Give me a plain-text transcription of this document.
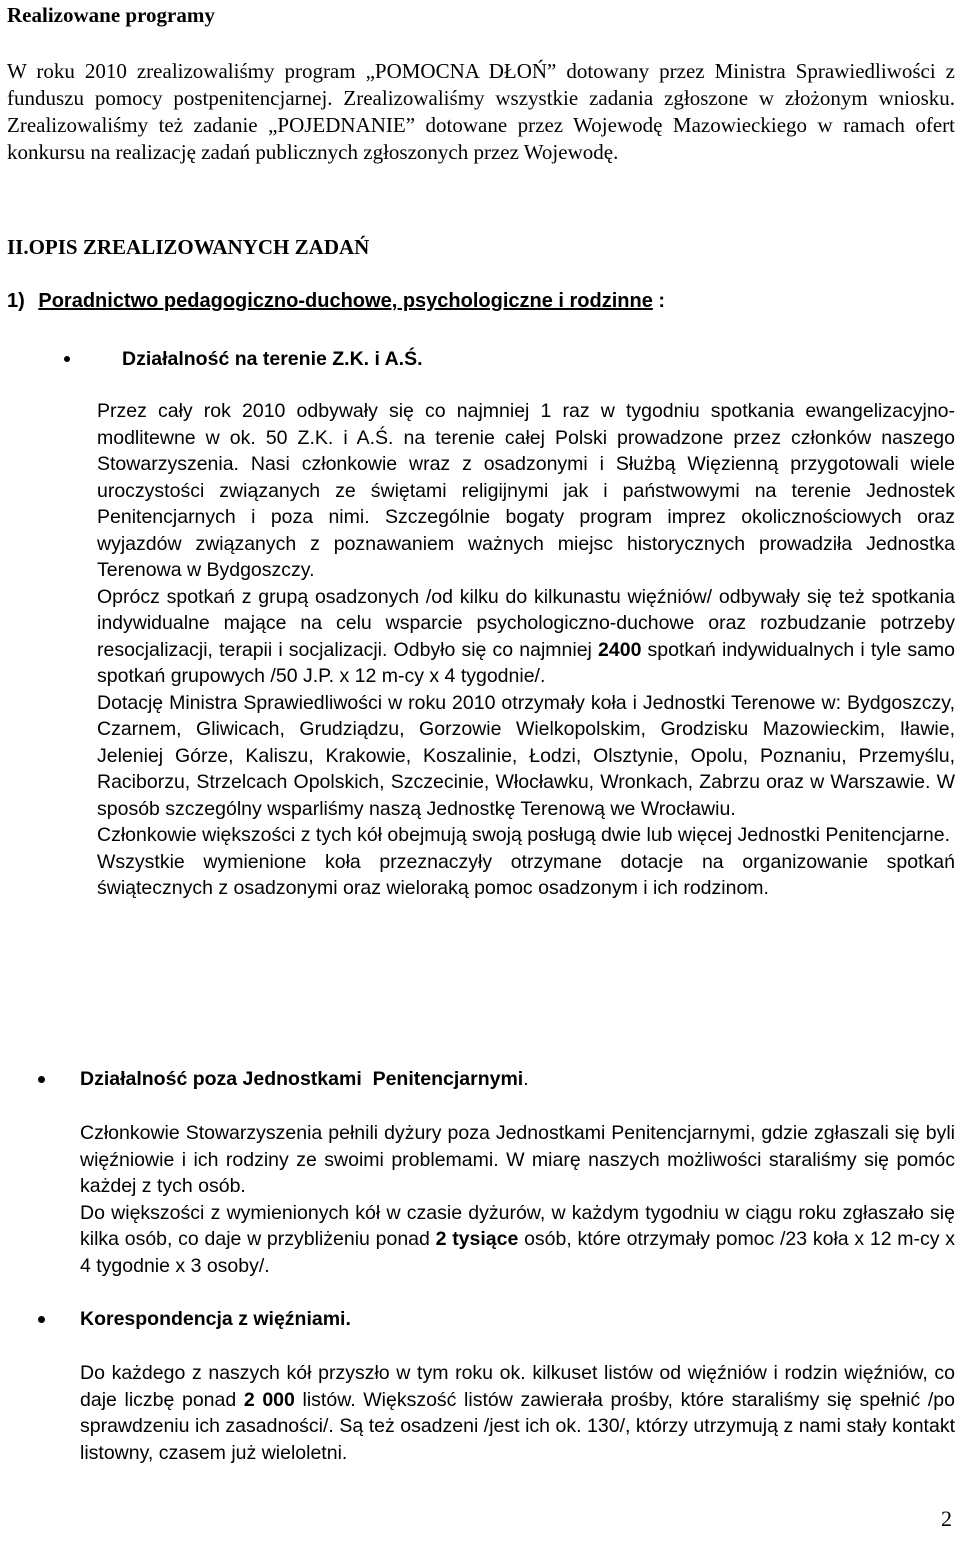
Realizowane programy

W roku 2010 zrealizowaliśmy program „POMOCNA DŁOŃ” dotowany przez Ministra Sprawiedliwości z funduszu pomocy postpenitencjarnej. Zrealizowaliśmy wszystkie zadania zgłoszone w złożonym wniosku. Zrealizowaliśmy też zadanie „POJEDNANIE” dotowane przez Wojewodę Mazowieckiego w ramach ofert konkursu na realizację zadań publicznych zgłoszonych przez Wojewodę.

II.OPIS ZREALIZOWANYCH ZADAŃ
1) Poradnictwo pedagogiczno-duchowe, psychologiczne i rodzinne :
Działalność na terenie Z.K. i A.Ś.

Przez cały rok 2010 odbywały się co najmniej 1 raz w tygodniu spotkania ewangelizacyjno- modlitewne w ok. 50 Z.K. i A.Ś. na terenie całej Polski prowadzone przez członków naszego Stowarzyszenia. Nasi członkowie wraz z osadzonymi i Służbą Więzienną przygotowali wiele uroczystości związanych ze świętami religijnymi jak i państwowymi na terenie Jednostek Penitencjarnych i poza nimi. Szczególnie bogaty program imprez okolicznościowych oraz wyjazdów związanych z poznawaniem ważnych miejsc historycznych prowadziła Jednostka Terenowa w Bydgoszczy.

Oprócz spotkań z grupą osadzonych /od kilku do kilkunastu więźniów/ odbywały się też spotkania indywidualne mające na celu wsparcie psychologiczno-duchowe oraz rozbudzanie potrzeby resocjalizacji, terapii i socjalizacji. Odbyło się co najmniej 2400 spotkań indywidualnych i tyle samo spotkań grupowych /50 J.P. x 12 m-cy x 4 tygodnie/.

Dotację Ministra Sprawiedliwości w roku 2010 otrzymały koła i Jednostki Terenowe w: Bydgoszczy, Czarnem, Gliwicach, Grudziądzu, Gorzowie Wielkopolskim, Grodzisku Mazowieckim, Iławie, Jeleniej Górze, Kaliszu, Krakowie, Koszalinie, Łodzi, Olsztynie, Opolu, Poznaniu, Przemyślu, Raciborzu, Strzelcach Opolskich, Szczecinie, Włocławku, Wronkach, Zabrzu oraz w Warszawie. W sposób szczególny wsparliśmy naszą Jednostkę Terenową we Wrocławiu.

Członkowie większości z tych kół obejmują swoją posługą dwie lub więcej Jednostki Penitencjarne.

Wszystkie wymienione koła przeznaczyły otrzymane dotacje na organizowanie spotkań świątecznych z osadzonymi oraz wieloraką pomoc osadzonym i ich rodzinom.

Działalność poza Jednostkami  Penitencjarnymi.

Członkowie Stowarzyszenia pełnili dyżury poza Jednostkami Penitencjarnymi, gdzie zgłaszali się byli więźniowie i ich rodziny ze swoimi problemami. W miarę naszych możliwości staraliśmy się pomóc każdej z tych osób.

Do większości z wymienionych kół w czasie dyżurów, w każdym tygodniu w ciągu roku zgłaszało się kilka osób, co daje w przybliżeniu ponad 2 tysiące osób, które otrzymały pomoc /23 koła x 12 m-cy x 4 tygodnie x 3 osoby/.

Korespondencja z więźniami.

Do każdego z naszych kół przyszło w tym roku ok. kilkuset listów od więźniów i rodzin więźniów, co daje liczbę ponad 2 000 listów. Większość listów zawierała prośby, które staraliśmy się spełnić /po sprawdzeniu ich zasadności/. Są też osadzeni /jest ich ok. 130/, którzy utrzymują z nami stały kontakt listowny, czasem już wieloletni.

2
